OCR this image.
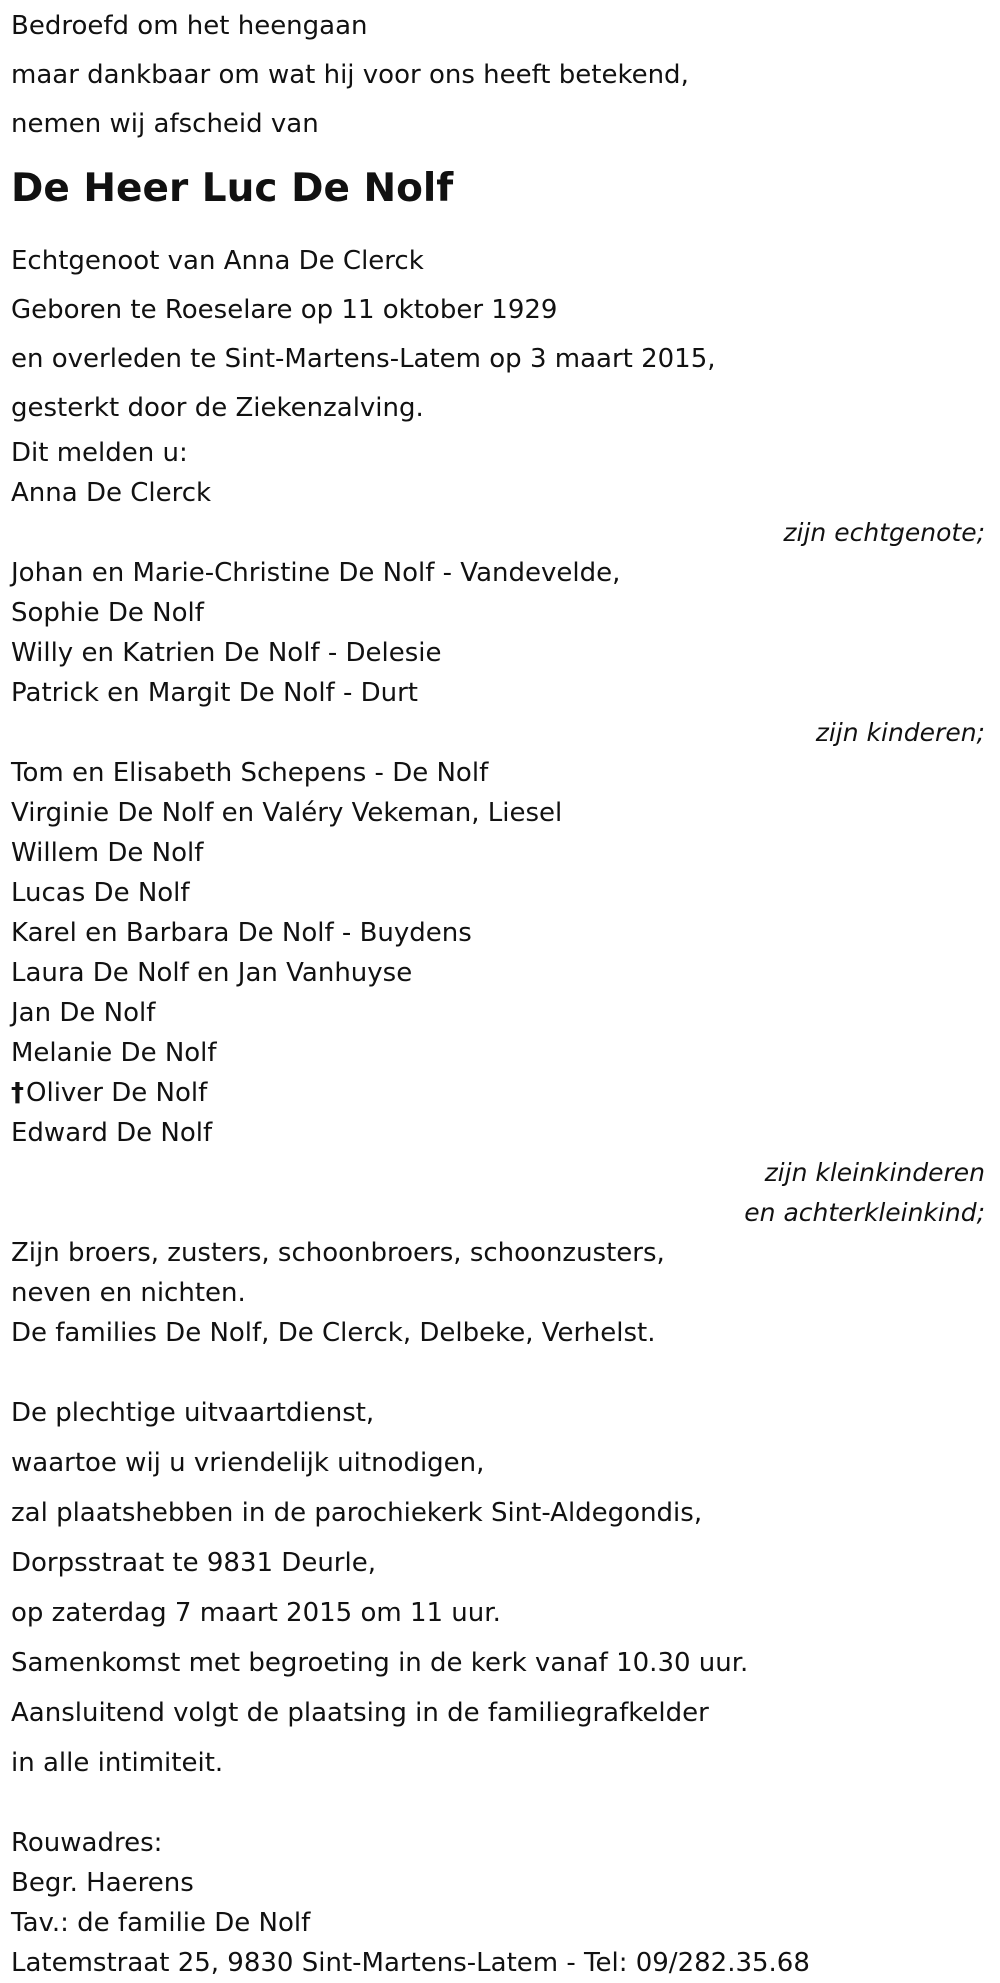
Bedroefd om het heengaan
maar dankbaar om wat hij voor ons heeft betekend,
nemen wij afscheid van
De Heer Luc De Nolf
Echtgenoot van Anna De Clerck
Geboren te Roeselare op 11 oktober 1929
en overleden te Sint-Martens-Latem op 3 maart 2015,
gesterkt door de Ziekenzalving.
Dit melden u:
Anna De Clerck
zijn echtgenote;
Johan en Marie-Christine De Nolf - Vandevelde,
Sophie De Nolf
Willy en Katrien De Nolf - Delesie
Patrick en Margit De Nolf - Durt
zijn kinderen;
Tom en Elisabeth Schepens - De Nolf
Virginie De Nolf en Valéry Vekeman, Liesel
Willem De Nolf
Lucas De Nolf
Karel en Barbara De Nolf - Buydens
Laura De Nolf en Jan Vanhuyse
Jan De Nolf
Melanie De Nolf
†Oliver De Nolf
Edward De Nolf
zijn kleinkinderen
en achterkleinkind;
Zijn broers, zusters, schoonbroers, schoonzusters,
neven en nichten.
De families De Nolf, De Clerck, Delbeke, Verhelst.
De plechtige uitvaartdienst,
waartoe wij u vriendelijk uitnodigen,
zal plaatshebben in de parochiekerk Sint-Aldegondis,
Dorpsstraat te 9831 Deurle,
op zaterdag 7 maart 2015 om 11 uur.
Samenkomst met begroeting in de kerk vanaf 10.30 uur.
Aansluitend volgt de plaatsing in de familiegrafkelder
in alle intimiteit.
Rouwadres:
Begr. Haerens
Tav.: de familie De Nolf
Latemstraat 25, 9830 Sint-Martens-Latem - Tel: 09/282.35.68
